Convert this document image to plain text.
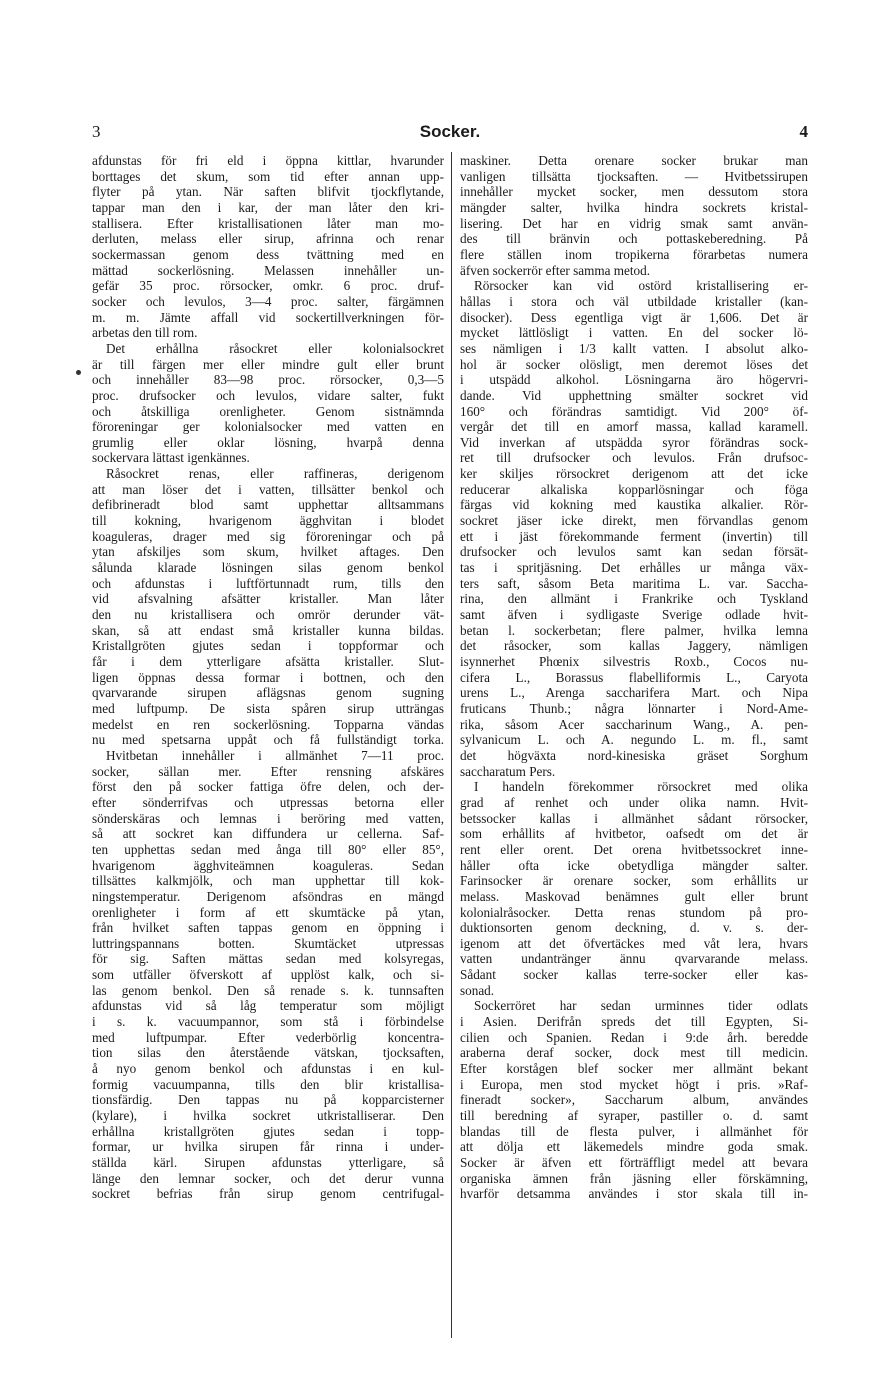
3	Socker.	4
afdunstas för fri eld i öppna kittlar, hvarunder
borttages det skum, som tid efter annan upp-
flyter på ytan. När saften blifvit tjockflytande,
tappar man den i kar, der man låter den kri-
stallisera. Efter kristallisationen låter man mo-
derluten, melass eller sirup, afrinna och renar
sockermassan genom dess tvättning med en
mättad sockerlösning. Melassen innehåller un-
gefär 35 proc. rörsocker, omkr. 6 proc. druf-
socker och levulos, 3—4 proc. salter, färgämnen
m. m. Jämte affall vid sockertillverkningen för-
arbetas den till rom.
Det erhållna råsockret eller kolonialsockret
är till färgen mer eller mindre gult eller brunt
och innehåller 83—98 proc. rörsocker, 0,3—5
proc. drufsocker och levulos, vidare salter, fukt
och åtskilliga orenligheter. Genom sistnämnda
föroreningar ger kolonialsocker med vatten en
grumlig eller oklar lösning, hvarpå denna
sockervara lättast igenkännes.
Råsockret renas, eller raffineras, derigenom
att man löser det i vatten, tillsätter benkol och
defibrineradt blod samt upphettar alltsammans
till kokning, hvarigenom ägghvitan i blodet
koaguleras, drager med sig föroreningar och på
ytan afskiljes som skum, hvilket aftages. Den
sålunda klarade lösningen silas genom benkol
och afdunstas i luftförtunnadt rum, tills den
vid afsvalning afsätter kristaller. Man låter
den nu kristallisera och omrör derunder vät-
skan, så att endast små kristaller kunna bildas.
Kristallgröten gjutes sedan i toppformar och
får i dem ytterligare afsätta kristaller. Slut-
ligen öppnas dessa formar i bottnen, och den
qvarvarande sirupen aflägsnas genom sugning
med luftpump. De sista spåren sirup utträngas
medelst en ren sockerlösning. Topparna vändas
nu med spetsarna uppåt och få fullständigt torka.
Hvitbetan innehåller i allmänhet 7—11 proc.
socker, sällan mer. Efter rensning afskäres
först den på socker fattiga öfre delen, och der-
efter sönderrifvas och utpressas betorna eller
sönderskäras och lemnas i beröring med vatten,
så att sockret kan diffundera ur cellerna. Saf-
ten upphettas sedan med ånga till 80° eller 85°,
hvarigenom ägghviteämnen koaguleras. Sedan
tillsättes kalkmjölk, och man upphettar till kok-
ningstemperatur. Derigenom afsöndras en mängd
orenligheter i form af ett skumtäcke på ytan,
från hvilket saften tappas genom en öppning i
luttringspannans botten. Skumtäcket utpressas
för sig. Saften mättas sedan med kolsyregas,
som utfäller öfverskott af upplöst kalk, och si-
las genom benkol. Den så renade s. k. tunnsaften
afdunstas vid så låg temperatur som möjligt
i s. k. vacuumpannor, som stå i förbindelse
med luftpumpar. Efter vederbörlig koncentra-
tion silas den återstående vätskan, tjocksaften,
å nyo genom benkol och afdunstas i en kul-
formig vacuumpanna, tills den blir kristallisa-
tionsfärdig. Den tappas nu på kopparcisterner
(kylare), i hvilka sockret utkristalliserar. Den
erhållna kristallgröten gjutes sedan i topp-
formar, ur hvilka sirupen får rinna i under-
ställda kärl. Sirupen afdunstas ytterligare, så
länge den lemnar socker, och det derur vunna
sockret befrias från sirup genom centrifugal-
maskiner. Detta orenare socker brukar man
vanligen tillsätta tjocksaften. — Hvitbetssirupen
innehåller mycket socker, men dessutom stora
mängder salter, hvilka hindra sockrets kristal-
lisering. Det har en vidrig smak samt använ-
des till bränvin och pottaskeberedning. På
flere ställen inom tropikerna förarbetas numera
äfven sockerrör efter samma metod.
Rörsocker kan vid ostörd kristallisering er-
hållas i stora och väl utbildade kristaller (kan-
disocker). Dess egentliga vigt är 1,606. Det är
mycket lättlösligt i vatten. En del socker lö-
ses nämligen i 1/3 kallt vatten. I absolut alko-
hol är socker olösligt, men deremot löses det
i utspädd alkohol. Lösningarna äro högervri-
dande. Vid upphettning smälter sockret vid
160° och förändras samtidigt. Vid 200° öf-
vergår det till en amorf massa, kallad karamell.
Vid inverkan af utspädda syror förändras sock-
ret till drufsocker och levulos. Från drufsoc-
ker skiljes rörsockret derigenom att det icke
reducerar alkaliska kopparlösningar och föga
färgas vid kokning med kaustika alkalier. Rör-
sockret jäser icke direkt, men förvandlas genom
ett i jäst förekommande ferment (invertin) till
drufsocker och levulos samt kan sedan försät-
tas i spritjäsning. Det erhålles ur många väx-
ters saft, såsom Beta maritima L. var. Saccha-
rina, den allmänt i Frankrike och Tyskland
samt äfven i sydligaste Sverige odlade hvit-
betan l. sockerbetan; flere palmer, hvilka lemna
det råsocker, som kallas Jaggery, nämligen
isynnerhet Phœnix silvestris Roxb., Cocos nu-
cifera L., Borassus flabelliformis L., Caryota
urens L., Arenga saccharifera Mart. och Nipa
fruticans Thunb.; några lönnarter i Nord-Ame-
rika, såsom Acer saccharinum Wang., A. pen-
sylvanicum L. och A. negundo L. m. fl., samt
det högväxta nord-kinesiska gräset Sorghum
saccharatum Pers.
I handeln förekommer rörsockret med olika
grad af renhet och under olika namn. Hvit-
betssocker kallas i allmänhet sådant rörsocker,
som erhållits af hvitbetor, oafsedt om det är
rent eller orent. Det orena hvitbetssockret inne-
håller ofta icke obetydliga mängder salter.
Farinsocker är orenare socker, som erhållits ur
melass. Maskovad benämnes gult eller brunt
kolonialråsocker. Detta renas stundom på pro-
duktionsorten genom deckning, d. v. s. der-
igenom att det öfvertäckes med våt lera, hvars
vatten undantränger ännu qvarvarande melass.
Sådant socker kallas terre-socker eller kas-
sonad.
Sockerröret har sedan urminnes tider odlats
i Asien. Derifrån spreds det till Egypten, Si-
cilien och Spanien. Redan i 9:de årh. beredde
araberna deraf socker, dock mest till medicin.
Efter korstågen blef socker mer allmänt bekant
i Europa, men stod mycket högt i pris. »Raf-
fineradt socker», Saccharum album, användes
till beredning af syraper, pastiller o. d. samt
blandas till de flesta pulver, i allmänhet för
att dölja ett läkemedels mindre goda smak.
Socker är äfven ett förträffligt medel att bevara
organiska ämnen från jäsning eller förskämning,
hvarför detsamma användes i stor skala till in-
